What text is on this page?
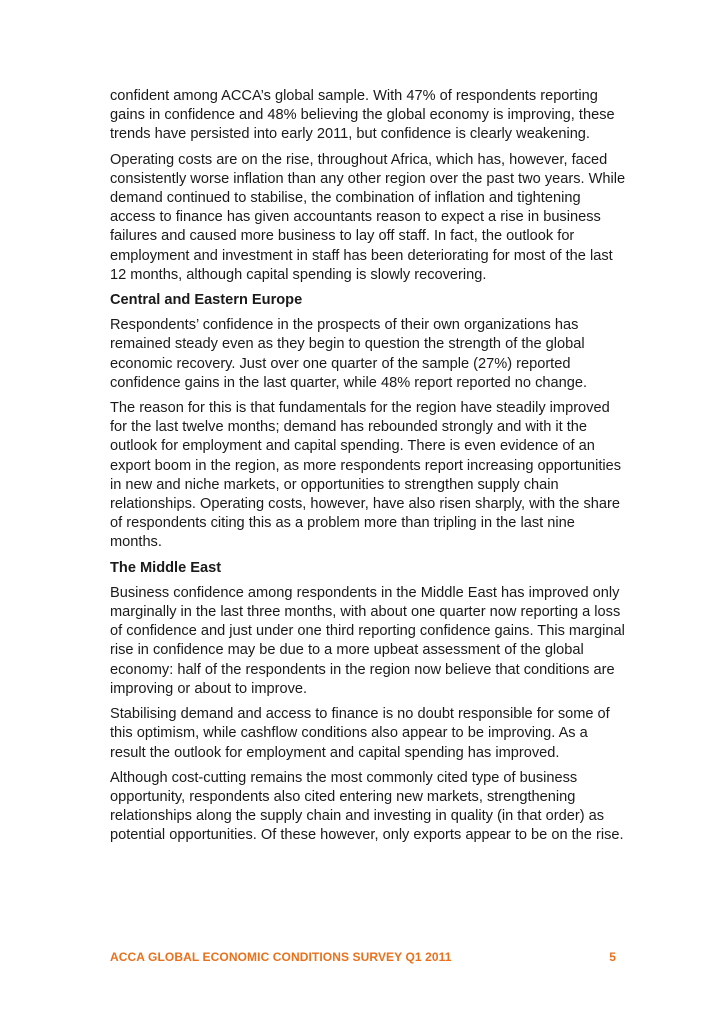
confident among ACCA’s global sample. With 47% of respondents reporting gains in confidence and 48% believing the global economy is improving, these trends have persisted into early 2011, but confidence is clearly weakening.

Operating costs are on the rise, throughout Africa, which has, however, faced consistently worse inflation than any other region over the past two years. While demand continued to stabilise, the combination of inflation and tightening access to finance has given accountants reason to expect a rise in business failures and caused more business to lay off staff. In fact, the outlook for employment and investment in staff has been deteriorating for most of the last 12 months, although capital spending is slowly recovering.

Central and Eastern Europe

Respondents’ confidence in the prospects of their own organizations has remained steady even as they begin to question the strength of the global economic recovery. Just over one quarter of the sample (27%) reported confidence gains in the last quarter, while 48% report reported no change.

The reason for this is that fundamentals for the region have steadily improved for the last twelve months; demand has rebounded strongly and with it the outlook for employment and capital spending. There is even evidence of an export boom in the region, as more respondents report increasing opportunities in new and niche markets, or opportunities to strengthen supply chain relationships. Operating costs, however, have also risen sharply, with the share of respondents citing this as a problem more than tripling in the last nine months.

The Middle East

Business confidence among respondents in the Middle East has improved only marginally in the last three months, with about one quarter now reporting a loss of confidence and just under one third reporting confidence gains. This marginal rise in confidence may be due to a more upbeat assessment of the global economy: half of the respondents in the region now believe that conditions are improving or about to improve.

Stabilising demand and access to finance is no doubt responsible for some of this optimism, while cashflow conditions also appear to be improving. As a result the outlook for employment and capital spending has improved.

Although cost-cutting remains the most commonly cited type of business opportunity, respondents also cited entering new markets, strengthening relationships along the supply chain and investing in quality (in that order) as potential opportunities. Of these however, only exports appear to be on the rise.

ACCA GLOBAL ECONOMIC CONDITIONS SURVEY Q1 2011	5
